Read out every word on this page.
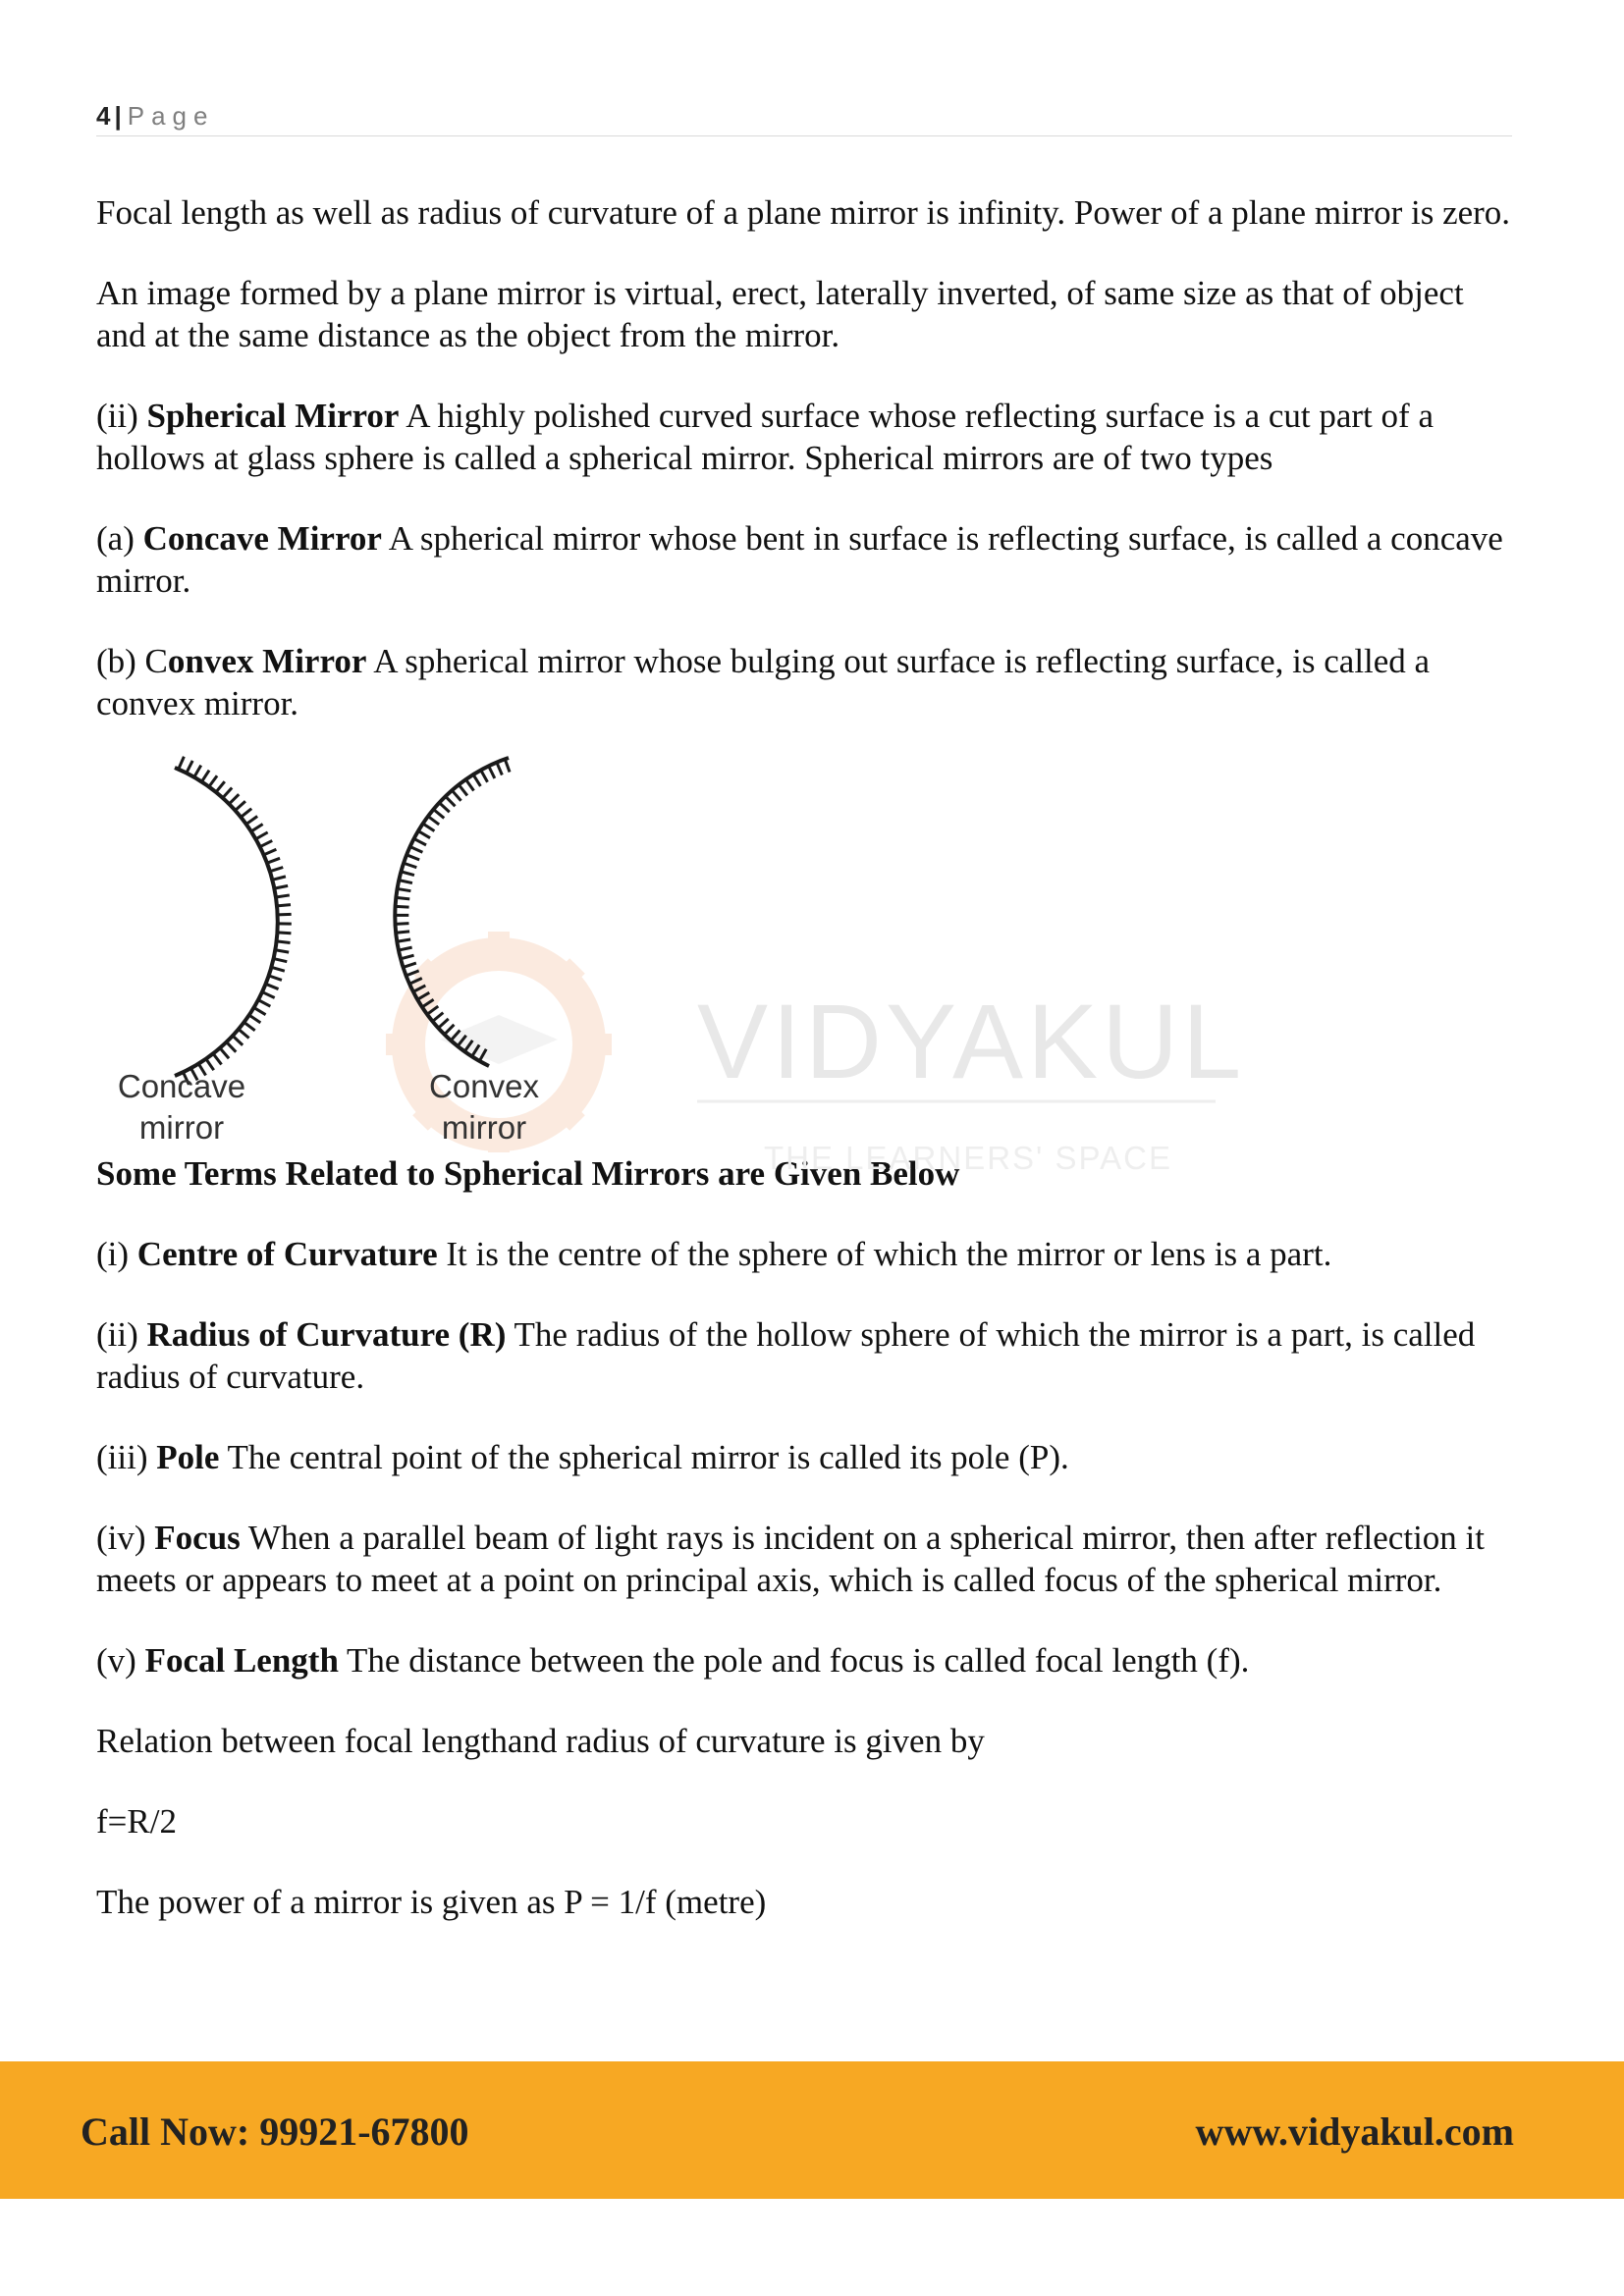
4 | Page

Focal length as well as radius of curvature of a plane mirror is infinity. Power of a plane mirror is zero.

An image formed by a plane mirror is virtual, erect, laterally inverted, of same size as that of object and at the same distance as the object from the mirror.

(ii) Spherical Mirror A highly polished curved surface whose reflecting surface is a cut part of a hollows at glass sphere is called a spherical mirror. Spherical mirrors are of two types

(a) Concave Mirror A spherical mirror whose bent in surface is reflecting surface, is called a concave mirror.

(b) Convex Mirror A spherical mirror whose bulging out surface is reflecting surface, is called a convex mirror.

VIDYAKUL
THE LEARNERS' SPACE
Concave mirror
Convex mirror

Some Terms Related to Spherical Mirrors are Given Below

(i) Centre of Curvature It is the centre of the sphere of which the mirror or lens is a part.

(ii) Radius of Curvature (R) The radius of the hollow sphere of which the mirror is a part, is called radius of curvature.

(iii) Pole The central point of the spherical mirror is called its pole (P).

(iv) Focus When a parallel beam of light rays is incident on a spherical mirror, then after reflection it meets or appears to meet at a point on principal axis, which is called focus of the spherical mirror.

(v) Focal Length The distance between the pole and focus is called focal length (f).

Relation between focal lengthand radius of curvature is given by

f=R/2

The power of a mirror is given as P = 1/f (metre)

Call Now: 99921-67800	www.vidyakul.com
